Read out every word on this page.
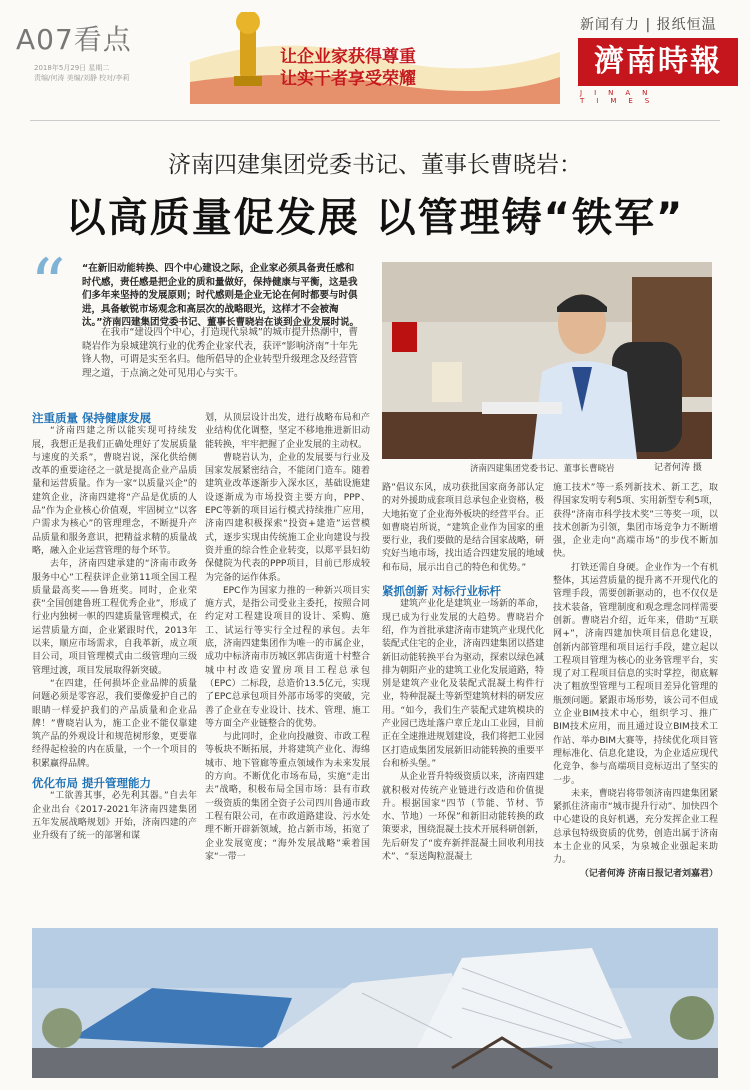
A07看点
2018年5月29日 星期二
责编/何涛 美编/刘静 校对/李莉
让企业家获得尊重
让实干者享受荣耀
新闻有力 | 报纸恒温
濟南時報
JINAN TIMES
济南四建集团党委书记、董事长曹晓岩：
以高质量促发展 以管理铸“铁军”
“ “在新旧动能转换、四个中心建设之际，企业家必须具备责任感和时代感，责任感是把企业的质和量做好，保持健康与平衡，这是我们多年来坚持的发展原则；时代感则是企业无论在何时都要与时俱进，具备敏锐市场观念和高层次的战略眼光，这样才不会被淘汰。”济南四建集团党委书记、董事长曹晓岩在谈到企业发展时说。
在我市“建设四个中心，打造现代泉城”的城市提升热潮中，曹晓岩作为泉城建筑行业的优秀企业家代表，获评“影响济南”十年先锋人物，可谓是实至名归。他所倡导的企业转型升级理念及经营管理之道，于点滴之处可见用心与实干。
济南四建集团党委书记、董事长曹晓岩	记者何涛 摄

注重质量 保持健康发展

“济南四建之所以能实现可持续发展，我想正是我们正确处理好了发展质量与速度的关系”，曹晓岩说，深化供给侧改革的重要途径之一就是提高企业产品质量和运营质量。作为一家“以质量兴企”的建筑企业，济南四建将“产品是优质的人品”作为企业核心价值观，牢固树立“以客户需求为核心”的管理理念，不断提升产品质量和服务意识，把精益求精的质量战略，融入企业运营管理的每个环节。

去年，济南四建承建的“济南市政务服务中心”工程获评企业第11项全国工程质量最高奖——鲁班奖。同时，企业荣获“全国创建鲁班工程优秀企业”，形成了行业内独树一帜的四建质量管理模式，在运营质量方面，企业紧跟时代，2013年以来，顺应市场需求，自我革新，成立项目公司，项目管理模式由二级管理向三级管理过渡，项目发展取得新突破。

“在四建，任何损坏企业品牌的质量问题必须是零容忍，我们要像爱护自己的眼睛一样爱护我们的产品质量和企业品牌！”曹晓岩认为，施工企业不能仅靠建筑产品的外观设计和规范树形象，更要靠经得起检验的内在质量，一个一个项目的积累赢得品牌。

优化布局 提升管理能力

“工欲善其事，必先利其器。”自去年企业出台《2017-2021年济南四建集团五年发展战略规划》开始，济南四建的产业升级有了统一的部署和谋

划，从顶层设计出发，进行战略布局和产业结构优化调整，坚定不移地推进新旧动能转换，牢牢把握了企业发展的主动权。

曹晓岩认为，企业的发展要与行业及国家发展紧密结合，不能闭门造车。随着建筑业改革逐渐步入深水区，基础设施建设逐渐成为市场投资主要方向，PPP、EPC等新的项目运行模式持续推广应用，济南四建积极探索“投资+建造”运营模式，逐步实现由传统施工企业向建设与投资并重的综合性企业转变，以郑平县妇幼保健院为代表的PPP项目，目前已形成较为完备的运作体系。

EPC作为国家力推的一种新兴项目实施方式，是指公司受业主委托，按照合同约定对工程建设项目的设计、采购、施工、试运行等实行全过程的承包。去年底，济南四建集团作为唯一的市属企业，成功中标济南市历城区郭店街道十村整合城中村改造安置房项目工程总承包（EPC）二标段，总造价13.5亿元，实现了EPC总承包项目外部市场零的突破，完善了企业在专业设计、技术、管理、施工等方面全产业链整合的优势。

与此同时，企业向投融资、市政工程等板块不断拓展，并将建筑产业化、海绵城市、地下管廊等重点领域作为未来发展的方向。不断优化市场布局，实施“走出去”战略，积极布局全国市场：县有市政一级资质的集团全资子公司四川鲁通市政工程有限公司，在市政道路建设、污水处理不断开辟新领域，抢占新市场，拓宽了企业发展宽度；“海外发展战略”乘着国家“一带一

路”倡议东风，成功获批国家商务部认定的对外援助成套项目总承包企业资格，极大地拓宽了企业海外板块的经营平台。正如曹晓岩所说，“建筑企业作为国家的重要行业，我们要做的是结合国家战略，研究好当地市场，找出适合四建发展的地域和布局，展示出自己的特色和优势。”

紧抓创新 对标行业标杆

建筑产业化是建筑业一场新的革命，现已成为行业发展的大趋势。曹晓岩介绍，作为首批承建济南市建筑产业现代化装配式住宅的企业，济南四建集团以搭建新旧动能转换平台为驱动，探索以绿色减排为朝阳产业的建筑工业化发展道路，特别是建筑产业化及装配式混凝土构件行业，特种混凝土等新型建筑材料的研发应用。“如今，我们生产装配式建筑模块的产业园已选址落户章丘龙山工业园，目前正在全速推进规划建设，我们将把工业园区打造成集团发展新旧动能转换的重要平台和桥头堡。”

从企业晋升特级资质以来，济南四建就积极对传统产业链进行改造和价值提升。根据国家“四节（节能、节材、节水、节地）一环保”和新旧动能转换的政策要求，围绕混凝土技术开展科研创新，先后研发了“废弃新拌混凝土回收利用技术”、“泵送陶粒混凝土

施工技术”等一系列新技术、新工艺，取得国家发明专利5项、实用新型专利5项，获得“济南市科学技术奖”三等奖一项，以技术创新为引领，集团市场竞争力不断增强，企业走向“高端市场”的步伐不断加快。

打铁还需自身硬。企业作为一个有机整体，其运营质量的提升离不开现代化的管理手段，需要创新驱动的，也不仅仅是技术装备，管理制度和观念理念同样需要创新。曹晓岩介绍，近年来，借助“互联网+”，济南四建加快项目信息化建设，创新内部管理和项目运行手段，建立起以工程项目管理为核心的业务管理平台，实现了对工程项目信息的实时掌控，彻底解决了粗放型管理与工程项目差异化管理的瓶颈问题。紧跟市场形势，该公司不但成立企业BIM技术中心，组织学习、推广BIM技术应用，而且通过设立BIM技术工作站、举办BIM大赛等，持续优化项目管理标准化、信息化建设，为企业适应现代化竞争、参与高端项目竞标迈出了坚实的一步。

未来，曹晓岩将带领济南四建集团紧紧抓住济南市“城市提升行动”、加快四个中心建设的良好机遇，充分发挥企业工程总承包特级资质的优势，创造出属于济南本土企业的风采，为泉城企业强起来助力。

（记者何涛 济南日报记者刘嘉君）
